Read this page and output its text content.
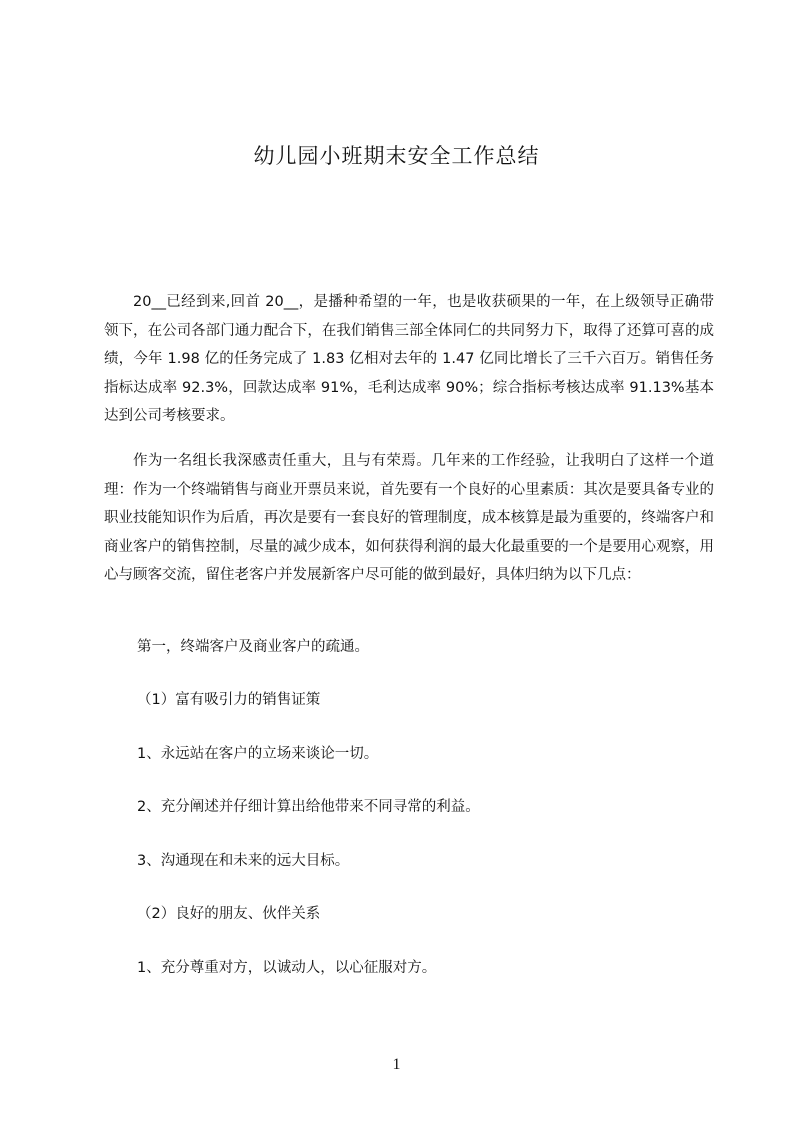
幼儿园小班期末安全工作总结

20__已经到来,回首 20__，是播种希望的一年，也是收获硕果的一年，在上级领导正确带领下，在公司各部门通力配合下，在我们销售三部全体同仁的共同努力下，取得了还算可喜的成绩，今年 1.98 亿的任务完成了 1.83 亿相对去年的 1.47 亿同比增长了三千六百万。销售任务指标达成率 92.3%，回款达成率 91%，毛利达成率 90%；综合指标考核达成率 91.13%基本达到公司考核要求。

作为一名组长我深感责任重大，且与有荣焉。几年来的工作经验，让我明白了这样一个道理：作为一个终端销售与商业开票员来说，首先要有一个良好的心里素质：其次是要具备专业的职业技能知识作为后盾，再次是要有一套良好的管理制度，成本核算是最为重要的，终端客户和商业客户的销售控制，尽量的减少成本，如何获得利润的最大化最重要的一个是要用心观察，用心与顾客交流，留住老客户并发展新客户尽可能的做到最好，具体归纳为以下几点：

第一，终端客户及商业客户的疏通。
（1）富有吸引力的销售证策
1、永远站在客户的立场来谈论一切。
2、充分阐述并仔细计算出给他带来不同寻常的利益。
3、沟通现在和未来的远大目标。
（2）良好的朋友、伙伴关系
1、充分尊重对方，以诚动人，以心征服对方。
1
